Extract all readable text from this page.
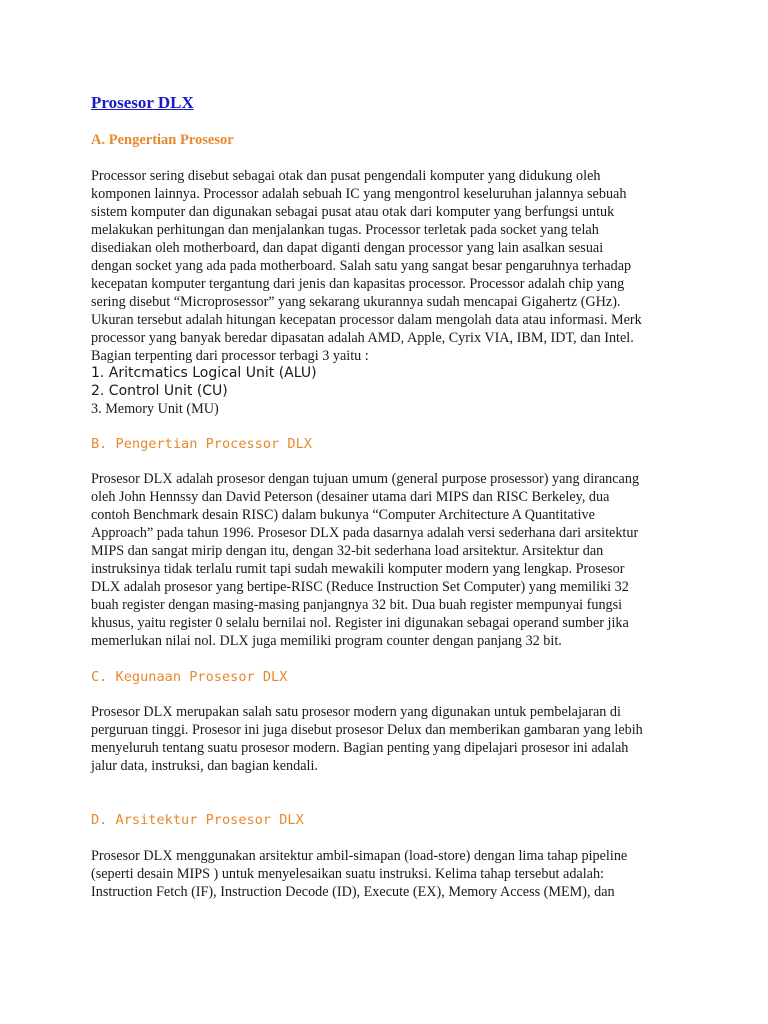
Prosesor DLX
A. Pengertian Prosesor

Processor sering disebut sebagai otak dan pusat pengendali komputer yang didukung oleh
komponen lainnya. Processor adalah sebuah IC yang mengontrol keseluruhan jalannya sebuah
sistem komputer dan digunakan sebagai pusat atau otak dari komputer yang berfungsi untuk
melakukan perhitungan dan menjalankan tugas. Processor terletak pada socket yang telah
disediakan oleh motherboard, dan dapat diganti dengan processor yang lain asalkan sesuai
dengan socket yang ada pada motherboard. Salah satu yang sangat besar pengaruhnya terhadap
kecepatan komputer tergantung dari jenis dan kapasitas processor. Processor adalah chip yang
sering disebut “Microprosessor” yang sekarang ukurannya sudah mencapai Gigahertz (GHz).
Ukuran tersebut adalah hitungan kecepatan processor dalam mengolah data atau informasi. Merk
processor yang banyak beredar dipasatan adalah AMD, Apple, Cyrix VIA, IBM, IDT, dan Intel.
Bagian terpenting dari processor terbagi 3 yaitu :

1. Aritcmatics Logical Unit (ALU)
2. Control Unit (CU)
3. Memory Unit (MU)
B. Pengertian Processor DLX

Prosesor DLX adalah prosesor dengan tujuan umum (general purpose prosessor) yang dirancang
oleh John Hennssy dan David Peterson (desainer utama dari MIPS dan RISC Berkeley, dua
contoh Benchmark desain RISC) dalam bukunya “Computer Architecture A Quantitative
Approach” pada tahun 1996. Prosesor DLX pada dasarnya adalah versi sederhana dari arsitektur
MIPS dan sangat mirip dengan itu, dengan 32-bit sederhana load arsitektur. Arsitektur dan
instruksinya tidak terlalu rumit tapi sudah mewakili komputer modern yang lengkap. Prosesor
DLX adalah prosesor yang bertipe-RISC (Reduce Instruction Set Computer) yang memiliki 32
buah register dengan masing-masing panjangnya 32 bit. Dua buah register mempunyai fungsi
khusus, yaitu register 0 selalu bernilai nol. Register ini digunakan sebagai operand sumber jika
memerlukan nilai nol. DLX juga memiliki program counter dengan panjang 32 bit.

C. Kegunaan Prosesor DLX

Prosesor DLX merupakan salah satu prosesor modern yang digunakan untuk pembelajaran di
perguruan tinggi. Prosesor ini juga disebut prosesor Delux dan memberikan gambaran yang lebih
menyeluruh tentang suatu prosesor modern. Bagian penting yang dipelajari prosesor ini adalah
jalur data, instruksi, dan bagian kendali.

D. Arsitektur Prosesor DLX

Prosesor DLX menggunakan arsitektur ambil-simapan (load-store) dengan lima tahap pipeline
(seperti desain MIPS ) untuk menyelesaikan suatu instruksi. Kelima tahap tersebut adalah:
Instruction Fetch (IF), Instruction Decode (ID), Execute (EX), Memory Access (MEM), dan
